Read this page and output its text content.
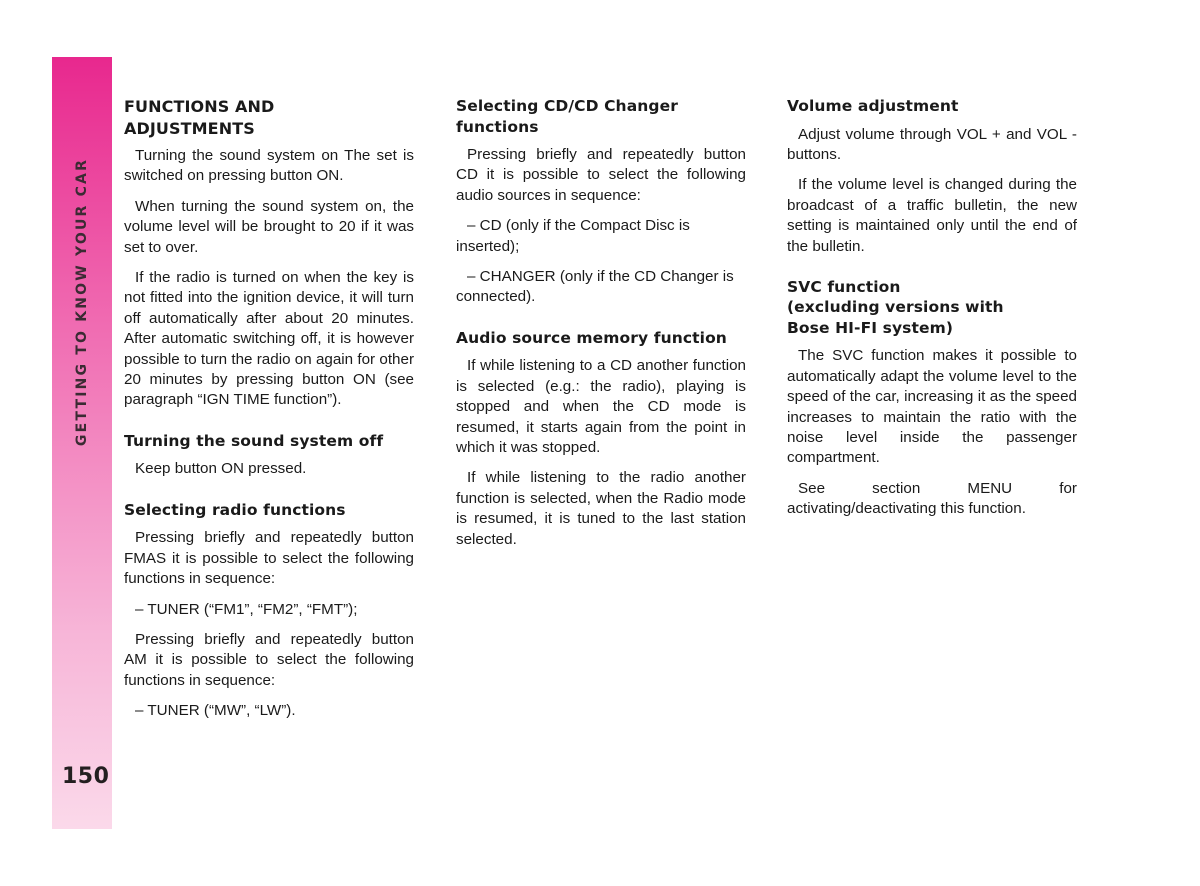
GETTING TO KNOW YOUR CAR
150
FUNCTIONS AND ADJUSTMENTS

Turning the sound system on The set is switched on pressing button ON.

When turning the sound system on, the volume level will be brought to 20 if it was set to over.

If the radio is turned on when the key is not fitted into the ignition device, it will turn off automatically after about 20 minutes. After automatic switching off, it is however possible to turn the radio on again for other 20 minutes by pressing button ON (see paragraph “IGN TIME function”).

Turning the sound system off

Keep button ON pressed.

Selecting radio functions

Pressing briefly and repeatedly button FMAS it is possible to select the following functions in sequence:

– TUNER (“FM1”, “FM2”, “FMT”);

Pressing briefly and repeatedly button AM it is possible to select the following functions in sequence:

– TUNER (“MW”, “LW”).

Selecting CD/CD Changer functions

Pressing briefly and repeatedly button CD it is possible to select the following audio sources in sequence:

– CD (only if the Compact Disc is inserted);

– CHANGER (only if the CD Changer is connected).

Audio source memory function

If while listening to a CD another function is selected (e.g.: the radio), playing is stopped and when the CD mode is resumed, it starts again from the point in which it was stopped.

If while listening to the radio another function is selected, when the Radio mode is resumed, it is tuned to the last station selected.

Volume adjustment

Adjust volume through VOL + and VOL - buttons.

If the volume level is changed during the broadcast of a traffic bulletin, the new setting is maintained only until the end of the bulletin.

SVC function
(excluding versions with
Bose HI-FI system)

The SVC function makes it possible to automatically adapt the volume level to the speed of the car, increasing it as the speed increases to maintain the ratio with the noise level inside the passenger compartment.

See section MENU for activating/deactivating this function.
